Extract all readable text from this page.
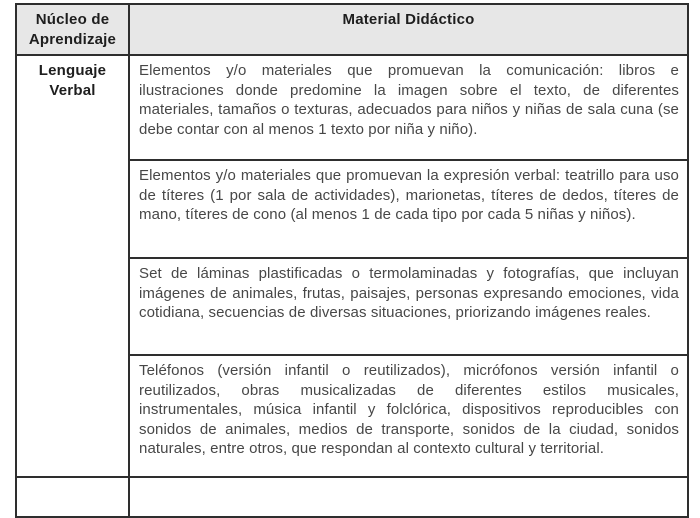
Núcleo de Aprendizaje	Material Didáctico
Lenguaje Verbal	Elementos y/o materiales que promuevan la comunicación: libros e ilustraciones donde predomine la imagen sobre el texto, de diferentes materiales, tamaños o texturas, adecuados para niños y niñas de sala cuna (se debe contar con al menos 1 texto por niña y niño).
	Elementos y/o materiales que promuevan la expresión verbal: teatrillo para uso de títeres (1 por sala de actividades), marionetas, títeres de dedos, títeres de mano, títeres de cono (al menos 1 de cada tipo por cada 5 niñas y niños).
	Set de láminas plastificadas o termolaminadas y fotografías, que incluyan imágenes de animales, frutas, paisajes, personas expresando emociones, vida cotidiana, secuencias de diversas situaciones, priorizando imágenes reales.
	Teléfonos (versión infantil o reutilizados), micrófonos versión infantil o reutilizados, obras musicalizadas de diferentes estilos musicales, instrumentales, música infantil y folclórica, dispositivos reproducibles con sonidos de animales, medios de transporte, sonidos de la ciudad, sonidos naturales, entre otros, que respondan al contexto cultural y territorial.
